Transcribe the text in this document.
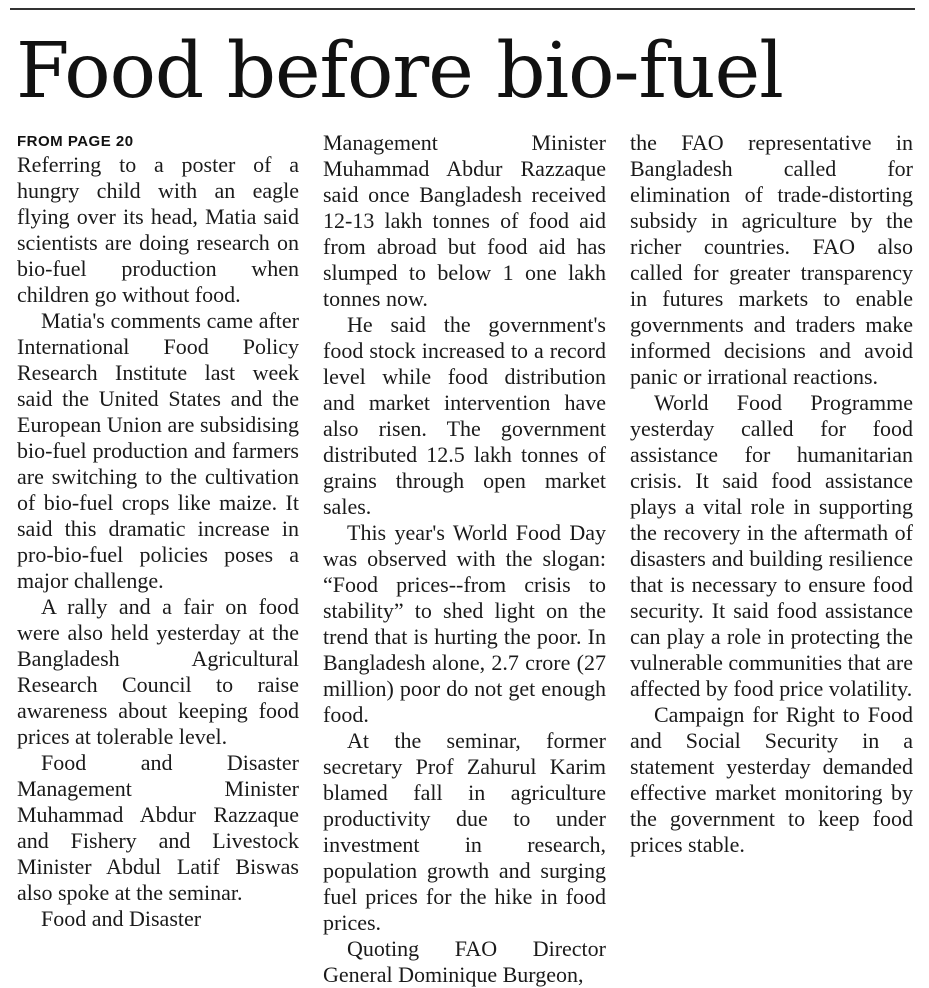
Food before bio-fuel
FROM PAGE 20

Referring to a poster of a hungry child with an eagle flying over its head, Matia said scientists are doing research on bio-fuel production when children go without food.

Matia's comments came after International Food Policy Research Institute last week said the United States and the European Union are subsidising bio-fuel production and farmers are switching to the cultivation of bio-fuel crops like maize. It said this dramatic increase in pro-bio-fuel policies poses a major challenge.

A rally and a fair on food were also held yesterday at the Bangladesh Agricultural Research Council to raise awareness about keeping food prices at tolerable level.

Food and Disaster Management Minister Muhammad Abdur Razzaque and Fishery and Livestock Minister Abdul Latif Biswas also spoke at the seminar.

Food and Disaster

Management Minister Muhammad Abdur Razzaque said once Bangladesh received 12-13 lakh tonnes of food aid from abroad but food aid has slumped to below 1 one lakh tonnes now.

He said the government's food stock increased to a record level while food distribution and market intervention have also risen. The government distributed 12.5 lakh tonnes of grains through open market sales.

This year's World Food Day was observed with the slogan: “Food prices--from crisis to stability” to shed light on the trend that is hurting the poor. In Bangladesh alone, 2.7 crore (27 million) poor do not get enough food.

At the seminar, former secretary Prof Zahurul Karim blamed fall in agriculture productivity due to under investment in research, population growth and surging fuel prices for the hike in food prices.

Quoting FAO Director General Dominique Burgeon,

the FAO representative in Bangladesh called for elimination of trade-distorting subsidy in agriculture by the richer countries. FAO also called for greater transparency in futures markets to enable governments and traders make informed decisions and avoid panic or irrational reactions.

World Food Programme yesterday called for food assistance for humanitarian crisis. It said food assistance plays a vital role in supporting the recovery in the aftermath of disasters and building resilience that is necessary to ensure food security. It said food assistance can play a role in protecting the vulnerable communities that are affected by food price volatility.

Campaign for Right to Food and Social Security in a statement yesterday demanded effective market monitoring by the government to keep food prices stable.
